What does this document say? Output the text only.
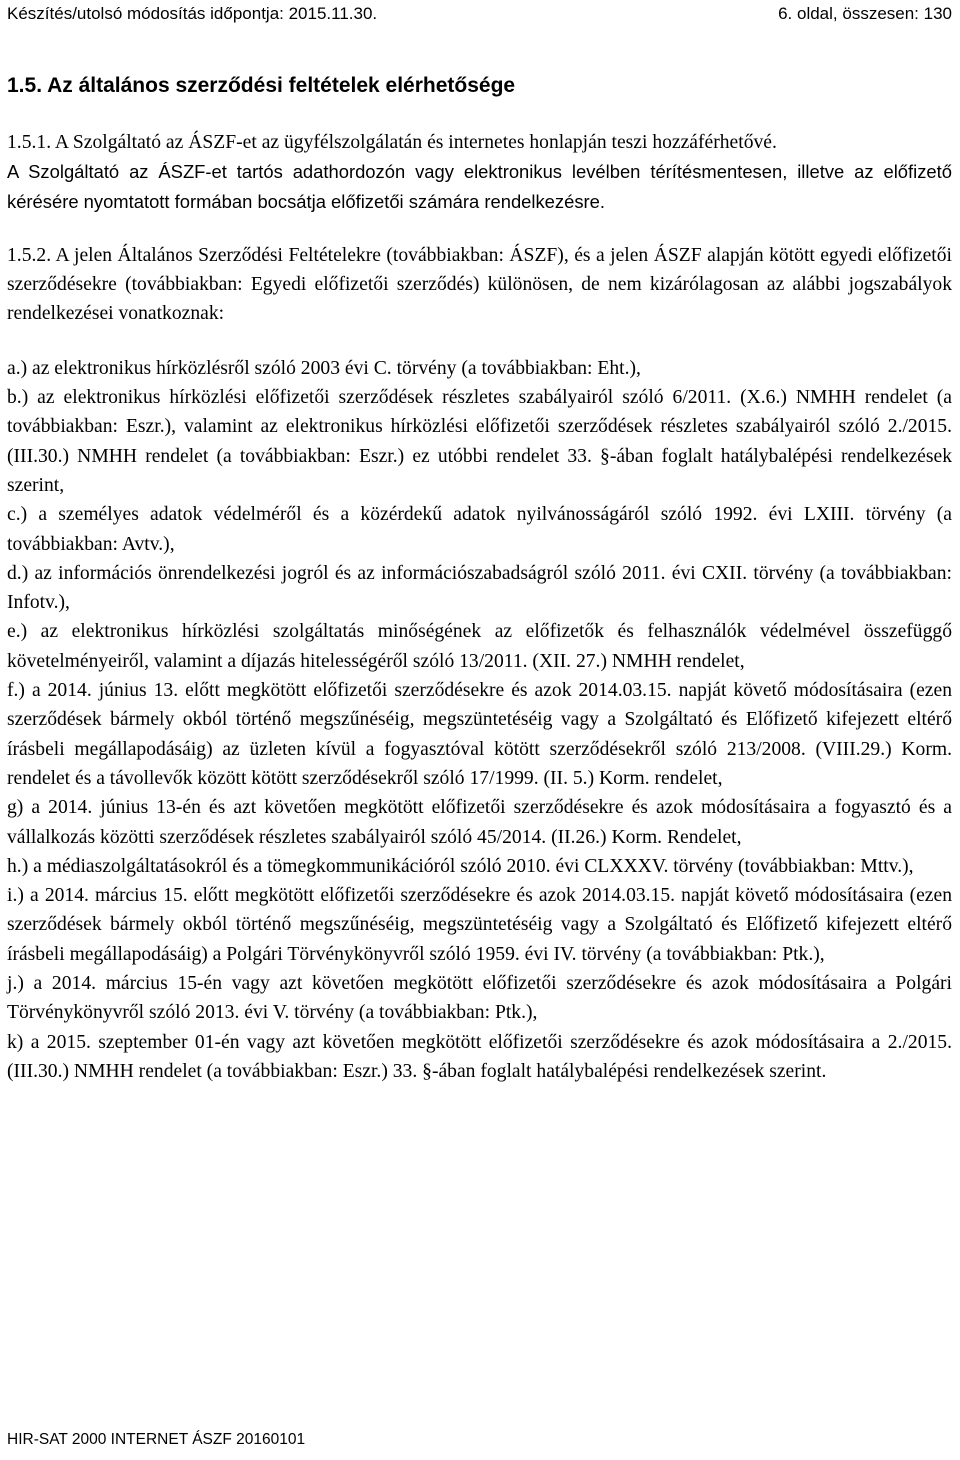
Készítés/utolsó módosítás időpontja: 2015.11.30.	6. oldal, összesen: 130
1.5. Az általános szerződési feltételek elérhetősége

1.5.1. A Szolgáltató az ÁSZF-et az ügyfélszolgálatán és internetes honlapján teszi hozzáférhetővé.

A Szolgáltató az ÁSZF-et tartós adathordozón vagy elektronikus levélben térítésmentesen, illetve az előfizető kérésére nyomtatott formában bocsátja előfizetői számára rendelkezésre.

1.5.2. A jelen Általános Szerződési Feltételekre (továbbiakban: ÁSZF), és a jelen ÁSZF alapján kötött egyedi előfizetői szerződésekre (továbbiakban: Egyedi előfizetői szerződés) különösen, de nem kizárólagosan az alábbi jogszabályok rendelkezései vonatkoznak:

a.) az elektronikus hírközlésről szóló 2003 évi C. törvény (a továbbiakban: Eht.),

b.) az elektronikus hírközlési előfizetői szerződések részletes szabályairól szóló 6/2011. (X.6.) NMHH rendelet (a továbbiakban: Eszr.), valamint az elektronikus hírközlési előfizetői szerződések részletes szabályairól szóló 2./2015.(III.30.) NMHH rendelet (a továbbiakban: Eszr.) ez utóbbi rendelet 33. §-ában foglalt hatálybalépési rendelkezések szerint,

c.) a személyes adatok védelméről és a közérdekű adatok nyilvánosságáról szóló 1992. évi LXIII. törvény (a továbbiakban: Avtv.),

d.) az információs önrendelkezési jogról és az információszabadságról szóló 2011. évi CXII. törvény (a továbbiakban: Infotv.),

e.) az elektronikus hírközlési szolgáltatás minőségének az előfizetők és felhasználók védelmével összefüggő követelményeiről, valamint a díjazás hitelességéről szóló 13/2011. (XII. 27.) NMHH rendelet,

f.) a 2014. június 13. előtt megkötött előfizetői szerződésekre és azok 2014.03.15. napját követő módosításaira (ezen szerződések bármely okból történő megszűnéséig, megszüntetéséig vagy a Szolgáltató és Előfizető kifejezett eltérő írásbeli megállapodásáig) az üzleten kívül a fogyasztóval kötött szerződésekről szóló 213/2008. (VIII.29.) Korm. rendelet és a távollevők között kötött szerződésekről szóló 17/1999. (II. 5.) Korm. rendelet,

g) a 2014. június 13-én és azt követően megkötött előfizetői szerződésekre és azok módosításaira a fogyasztó és a vállalkozás közötti szerződések részletes szabályairól szóló 45/2014. (II.26.) Korm. Rendelet,

h.) a médiaszolgáltatásokról és a tömegkommunikációról szóló 2010. évi CLXXXV. törvény (továbbiakban: Mttv.),

i.) a 2014. március 15. előtt megkötött előfizetői szerződésekre és azok 2014.03.15. napját követő módosításaira (ezen szerződések bármely okból történő megszűnéséig, megszüntetéséig vagy a Szolgáltató és Előfizető kifejezett eltérő írásbeli megállapodásáig) a Polgári Törvénykönyvről szóló 1959. évi IV. törvény (a továbbiakban: Ptk.),

j.) a 2014. március 15-én vagy azt követően megkötött előfizetői szerződésekre és azok módosításaira a Polgári Törvénykönyvről szóló 2013. évi V. törvény (a továbbiakban: Ptk.),

k) a 2015. szeptember 01-én vagy azt követően megkötött előfizetői szerződésekre és azok módosításaira a 2./2015.(III.30.) NMHH rendelet (a továbbiakban: Eszr.) 33. §-ában foglalt hatálybalépési rendelkezések szerint.

HIR-SAT 2000 INTERNET ÁSZF 20160101
